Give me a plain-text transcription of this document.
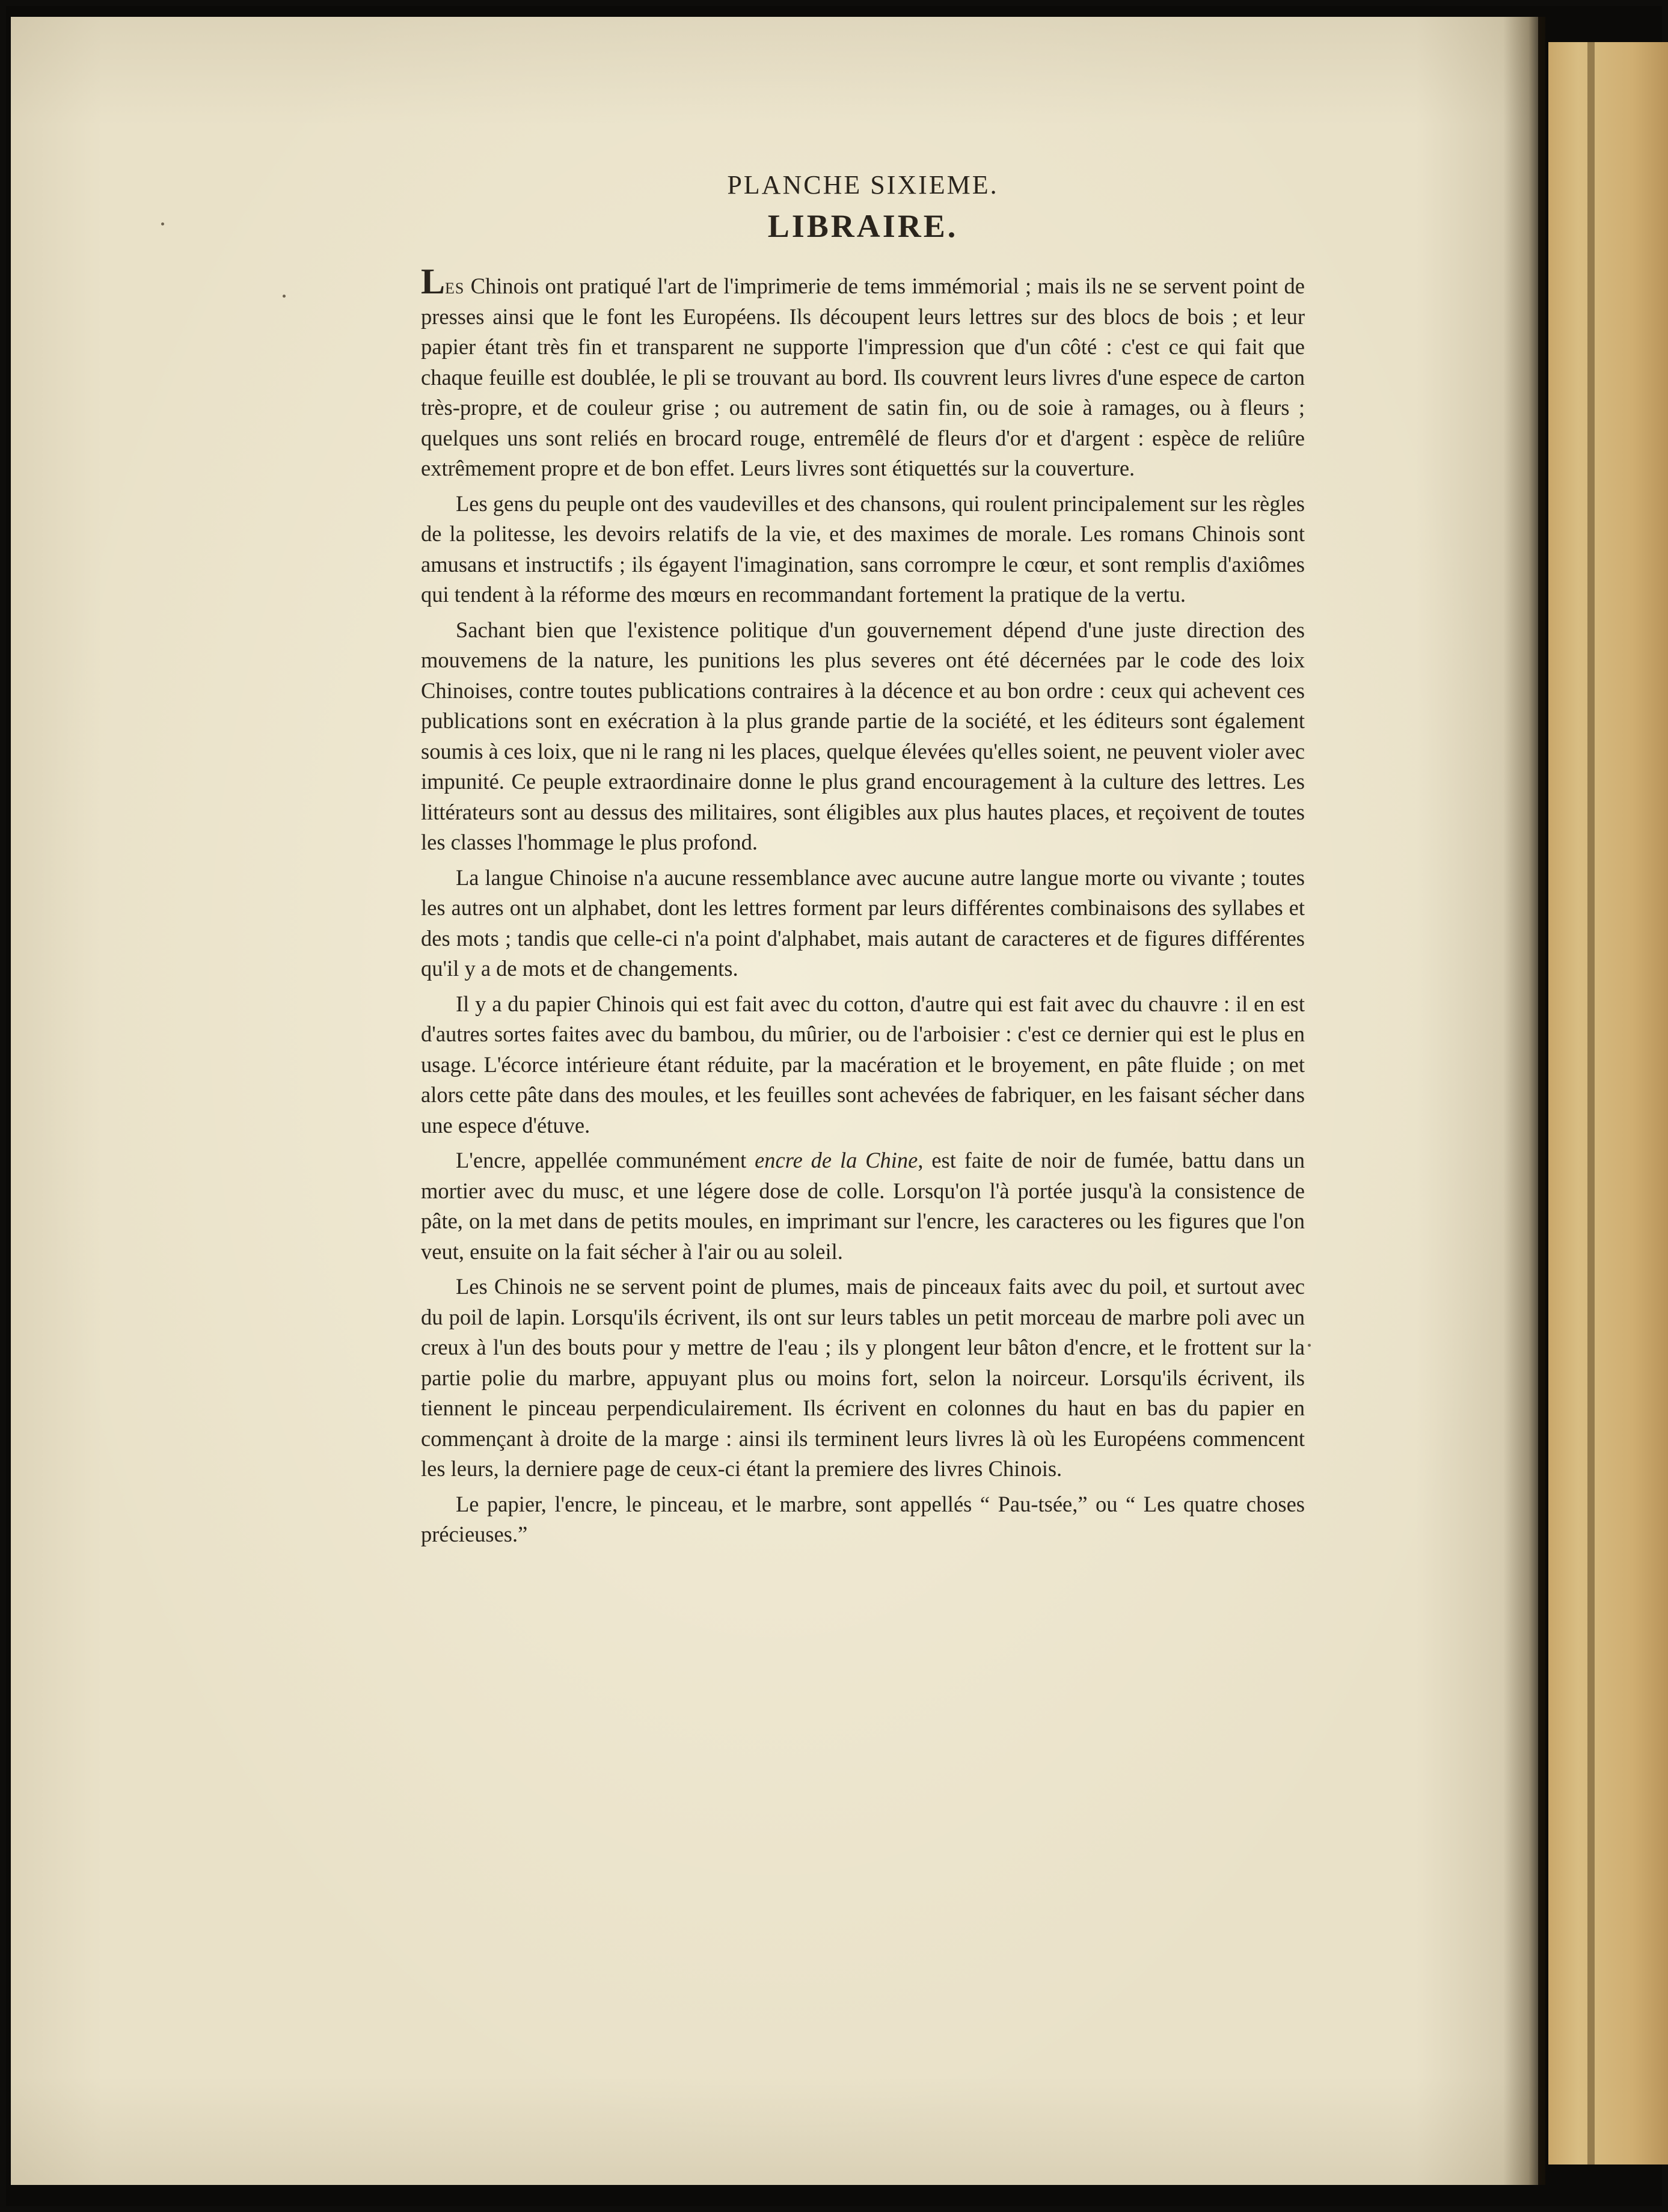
PLANCHE SIXIEME.
LIBRAIRE.

Les Chinois ont pratiqué l'art de l'imprimerie de tems immémorial ; mais ils ne se servent point de presses ainsi que le font les Européens. Ils découpent leurs lettres sur des blocs de bois ; et leur papier étant très fin et transparent ne supporte l'impression que d'un côté : c'est ce qui fait que chaque feuille est doublée, le pli se trouvant au bord. Ils couvrent leurs livres d'une espece de carton très-propre, et de couleur grise ; ou autrement de satin fin, ou de soie à ramages, ou à fleurs ; quelques uns sont reliés en brocard rouge, entremêlé de fleurs d'or et d'argent : espèce de reliûre extrêmement propre et de bon effet. Leurs livres sont étiquettés sur la couverture.

Les gens du peuple ont des vaudevilles et des chansons, qui roulent principalement sur les règles de la politesse, les devoirs relatifs de la vie, et des maximes de morale. Les romans Chinois sont amusans et instructifs ; ils égayent l'imagination, sans corrompre le cœur, et sont remplis d'axiômes qui tendent à la réforme des mœurs en recommandant fortement la pratique de la vertu.

Sachant bien que l'existence politique d'un gouvernement dépend d'une juste direction des mouvemens de la nature, les punitions les plus severes ont été décernées par le code des loix Chinoises, contre toutes publications contraires à la décence et au bon ordre : ceux qui achevent ces publications sont en exécration à la plus grande partie de la société, et les éditeurs sont également soumis à ces loix, que ni le rang ni les places, quelque élevées qu'elles soient, ne peuvent violer avec impunité. Ce peuple extraordinaire donne le plus grand encouragement à la culture des lettres. Les littérateurs sont au dessus des militaires, sont éligibles aux plus hautes places, et reçoivent de toutes les classes l'hommage le plus profond.

La langue Chinoise n'a aucune ressemblance avec aucune autre langue morte ou vivante ; toutes les autres ont un alphabet, dont les lettres forment par leurs différentes combinaisons des syllabes et des mots ; tandis que celle-ci n'a point d'alphabet, mais autant de caracteres et de figures différentes qu'il y a de mots et de changements.

Il y a du papier Chinois qui est fait avec du cotton, d'autre qui est fait avec du chauvre : il en est d'autres sortes faites avec du bambou, du mûrier, ou de l'arboisier : c'est ce dernier qui est le plus en usage. L'écorce intérieure étant réduite, par la macération et le broyement, en pâte fluide ; on met alors cette pâte dans des moules, et les feuilles sont achevées de fabriquer, en les faisant sécher dans une espece d'étuve.

L'encre, appellée communément encre de la Chine, est faite de noir de fumée, battu dans un mortier avec du musc, et une légere dose de colle. Lorsqu'on l'à portée jusqu'à la consistence de pâte, on la met dans de petits moules, en imprimant sur l'encre, les caracteres ou les figures que l'on veut, ensuite on la fait sécher à l'air ou au soleil.

Les Chinois ne se servent point de plumes, mais de pinceaux faits avec du poil, et surtout avec du poil de lapin. Lorsqu'ils écrivent, ils ont sur leurs tables un petit morceau de marbre poli avec un creux à l'un des bouts pour y mettre de l'eau ; ils y plongent leur bâton d'encre, et le frottent sur la partie polie du marbre, appuyant plus ou moins fort, selon la noirceur. Lorsqu'ils écrivent, ils tiennent le pinceau perpendiculairement. Ils écrivent en colonnes du haut en bas du papier en commençant à droite de la marge : ainsi ils terminent leurs livres là où les Européens commencent les leurs, la derniere page de ceux-ci étant la premiere des livres Chinois.

Le papier, l'encre, le pinceau, et le marbre, sont appellés “ Pau-tsée,” ou “ Les quatre choses précieuses.”
